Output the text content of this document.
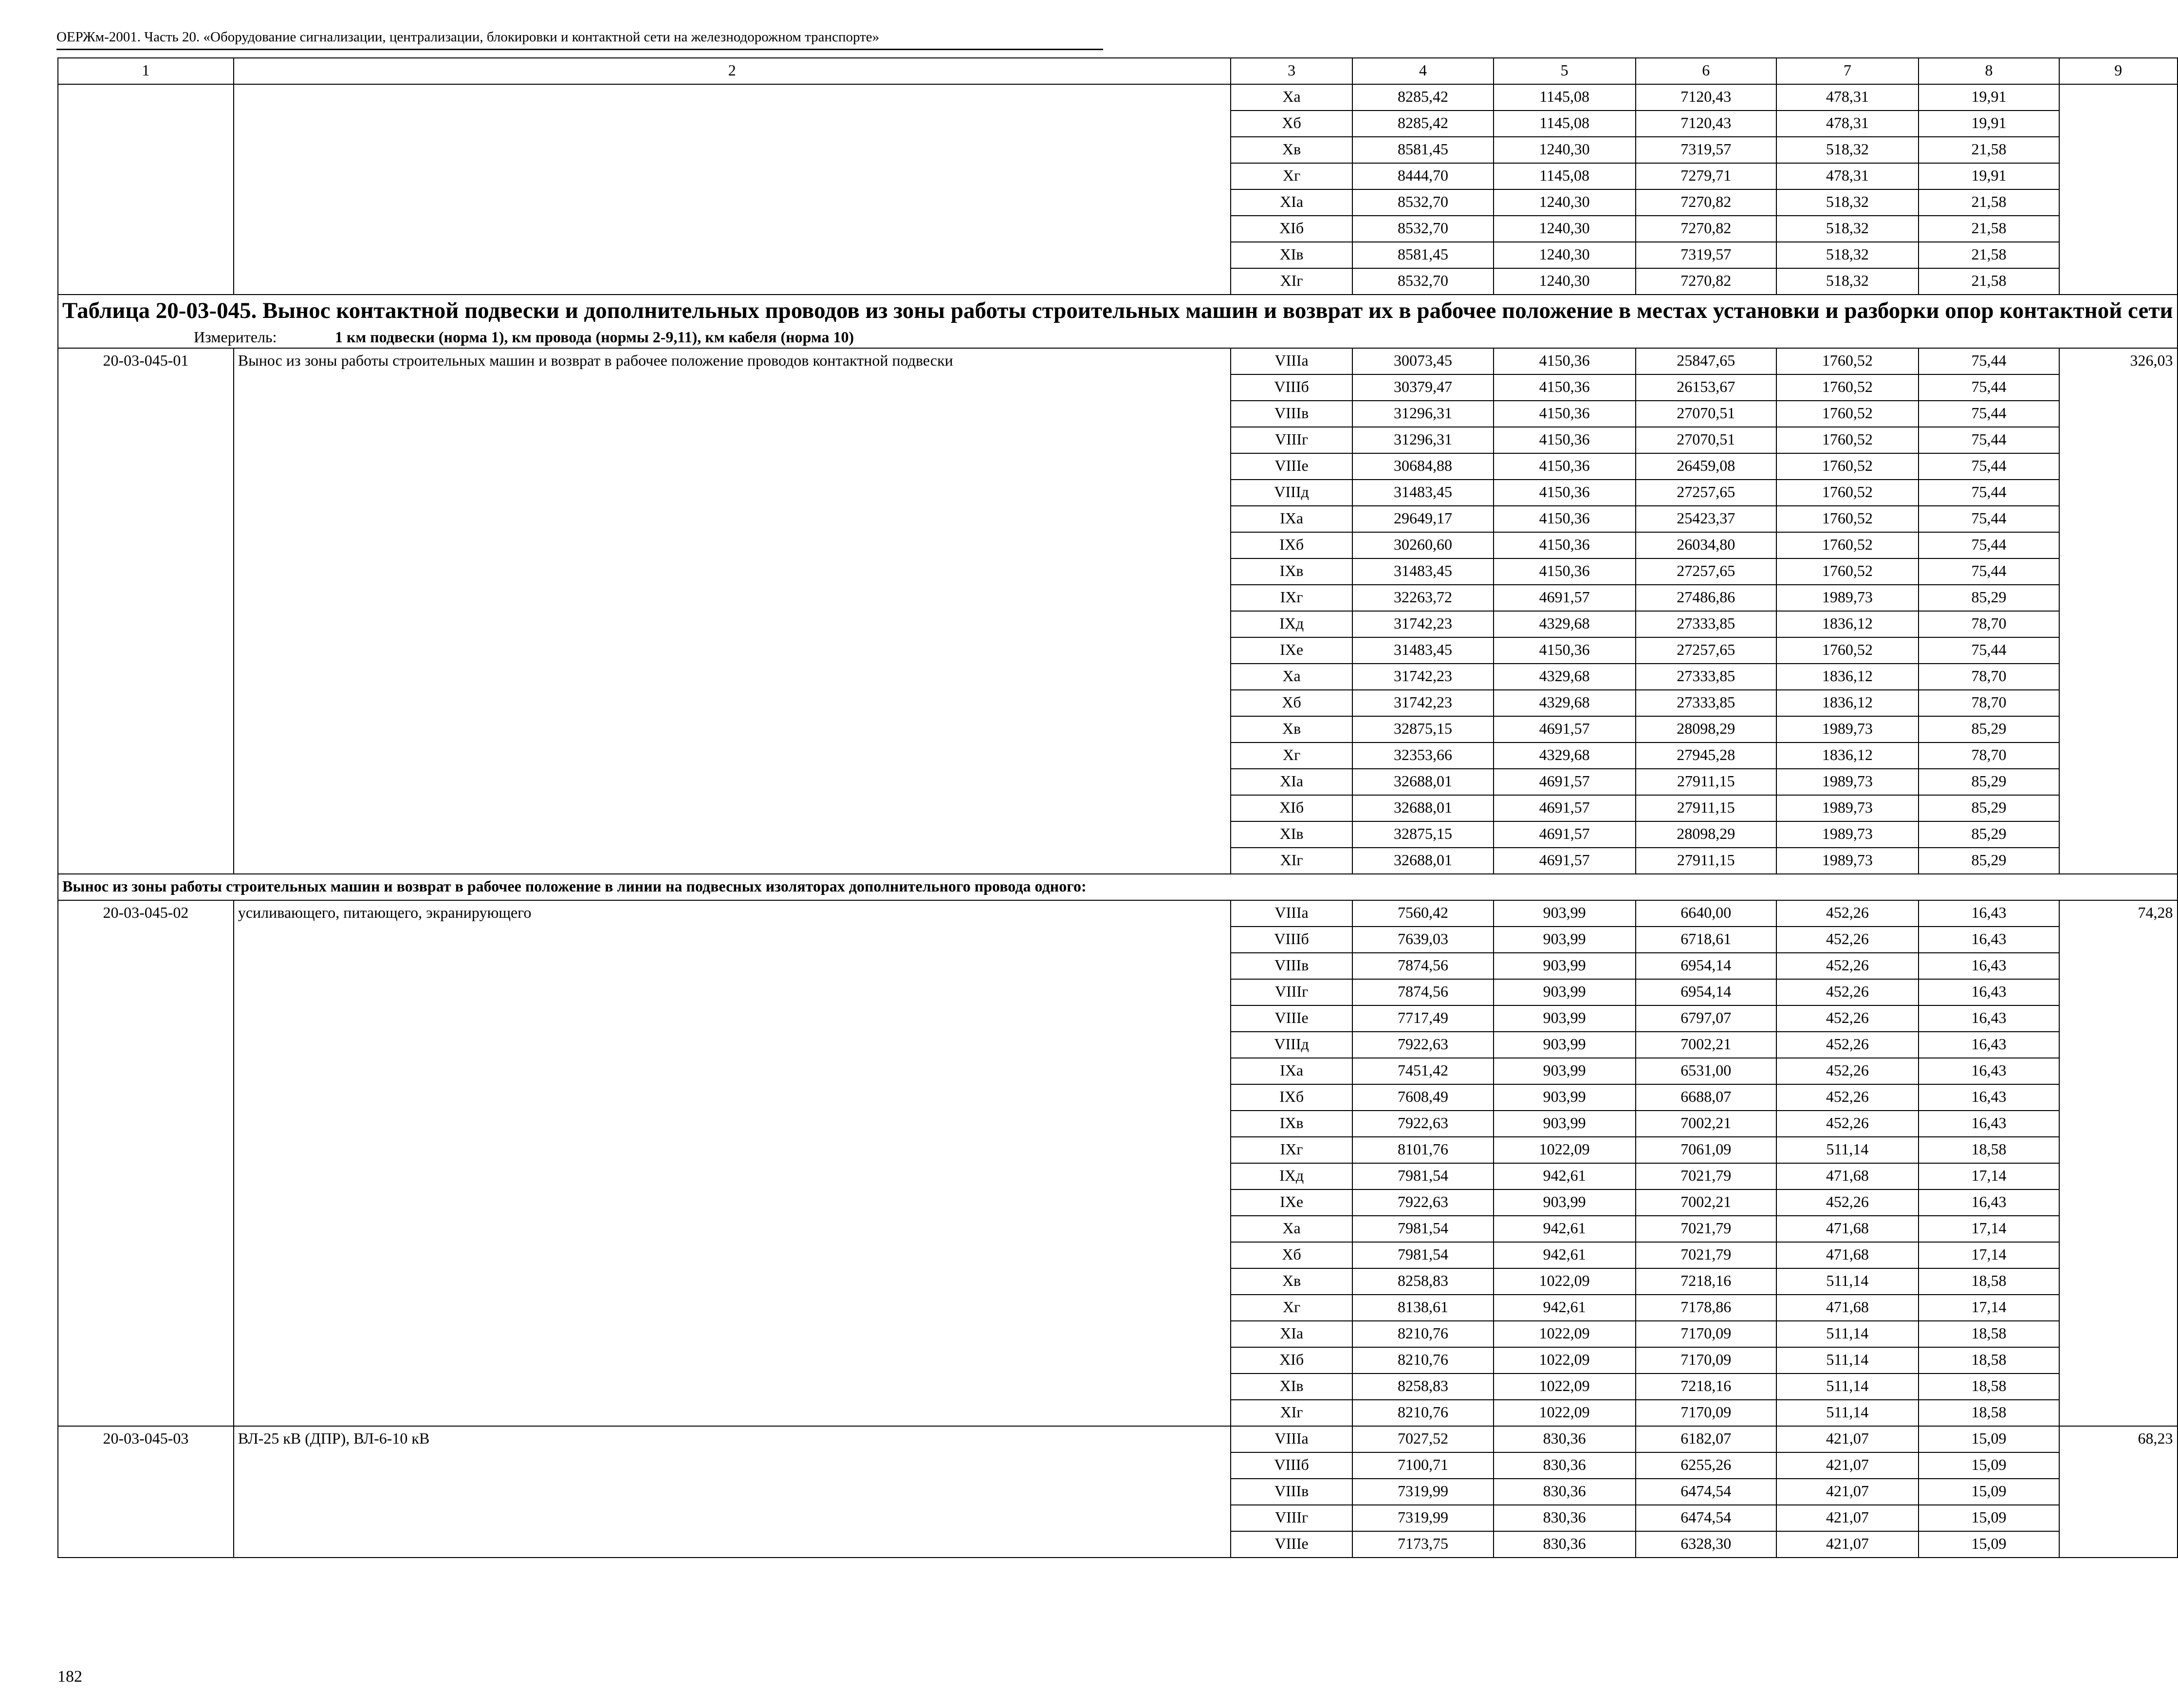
ОЕРЖм-2001. Часть 20. «Оборудование сигнализации, централизации, блокировки и контактной сети на железнодорожном транспорте»
1	2	3	4	5	6	7	8	9
		Xa	8285,42	1145,08	7120,43	478,31	19,91	
		Xб	8285,42	1145,08	7120,43	478,31	19,91	
		Xв	8581,45	1240,30	7319,57	518,32	21,58	
		Xг	8444,70	1145,08	7279,71	478,31	19,91	
		XIa	8532,70	1240,30	7270,82	518,32	21,58	
		XIб	8532,70	1240,30	7270,82	518,32	21,58	
		XIв	8581,45	1240,30	7319,57	518,32	21,58	
		XIг	8532,70	1240,30	7270,82	518,32	21,58	

Таблица 20-03-045. Вынос контактной подвески и дополнительных проводов из зоны работы строительных машин и возврат их в рабочее положение в местах установки и разборки опор контактной сети
Измеритель: 1 км подвески (норма 1), км провода (нормы 2-9,11), км кабеля (норма 10)								

20-03-045-01	Вынос из зоны работы строительных машин и возврат в рабочее положение проводов контактной подвески	VIIIa	30073,45	4150,36	25847,65	1760,52	75,44	326,03
		VIIIб	30379,47	4150,36	26153,67	1760,52	75,44	
		VIIIв	31296,31	4150,36	27070,51	1760,52	75,44	
		VIIIг	31296,31	4150,36	27070,51	1760,52	75,44	
		VIIIe	30684,88	4150,36	26459,08	1760,52	75,44	
		VIIIд	31483,45	4150,36	27257,65	1760,52	75,44	
		IXa	29649,17	4150,36	25423,37	1760,52	75,44	
		IXб	30260,60	4150,36	26034,80	1760,52	75,44	
		IXв	31483,45	4150,36	27257,65	1760,52	75,44	
		IXг	32263,72	4691,57	27486,86	1989,73	85,29	
		IXд	31742,23	4329,68	27333,85	1836,12	78,70	
		IXe	31483,45	4150,36	27257,65	1760,52	75,44	
		Xa	31742,23	4329,68	27333,85	1836,12	78,70	
		Xб	31742,23	4329,68	27333,85	1836,12	78,70	
		Xв	32875,15	4691,57	28098,29	1989,73	85,29	
		Xг	32353,66	4329,68	27945,28	1836,12	78,70	
		XIa	32688,01	4691,57	27911,15	1989,73	85,29	
		XIб	32688,01	4691,57	27911,15	1989,73	85,29	
		XIв	32875,15	4691,57	28098,29	1989,73	85,29	
		XIг	32688,01	4691,57	27911,15	1989,73	85,29	
Вынос из зоны работы строительных машин и возврат в рабочее положение в линии на подвесных изоляторах дополнительного провода одного:								
20-03-045-02	усиливающего, питающего, экранирующего	VIIIa	7560,42	903,99	6640,00	452,26	16,43	74,28
		VIIIб	7639,03	903,99	6718,61	452,26	16,43	
		VIIIв	7874,56	903,99	6954,14	452,26	16,43	
		VIIIг	7874,56	903,99	6954,14	452,26	16,43	
		VIIIe	7717,49	903,99	6797,07	452,26	16,43	
		VIIIд	7922,63	903,99	7002,21	452,26	16,43	
		IXa	7451,42	903,99	6531,00	452,26	16,43	
		IXб	7608,49	903,99	6688,07	452,26	16,43	
		IXв	7922,63	903,99	7002,21	452,26	16,43	
		IXг	8101,76	1022,09	7061,09	511,14	18,58	
		IXд	7981,54	942,61	7021,79	471,68	17,14	
		IXe	7922,63	903,99	7002,21	452,26	16,43	
		Xa	7981,54	942,61	7021,79	471,68	17,14	
		Xб	7981,54	942,61	7021,79	471,68	17,14	
		Xв	8258,83	1022,09	7218,16	511,14	18,58	
		Xг	8138,61	942,61	7178,86	471,68	17,14	
		XIa	8210,76	1022,09	7170,09	511,14	18,58	
		XIб	8210,76	1022,09	7170,09	511,14	18,58	
		XIв	8258,83	1022,09	7218,16	511,14	18,58	
		XIг	8210,76	1022,09	7170,09	511,14	18,58	
20-03-045-03	ВЛ-25 кВ (ДПР), ВЛ-6-10 кВ	VIIIa	7027,52	830,36	6182,07	421,07	15,09	68,23
		VIIIб	7100,71	830,36	6255,26	421,07	15,09	
		VIIIв	7319,99	830,36	6474,54	421,07	15,09	
		VIIIг	7319,99	830,36	6474,54	421,07	15,09	
		VIIIe	7173,75	830,36	6328,30	421,07	15,09	
182
